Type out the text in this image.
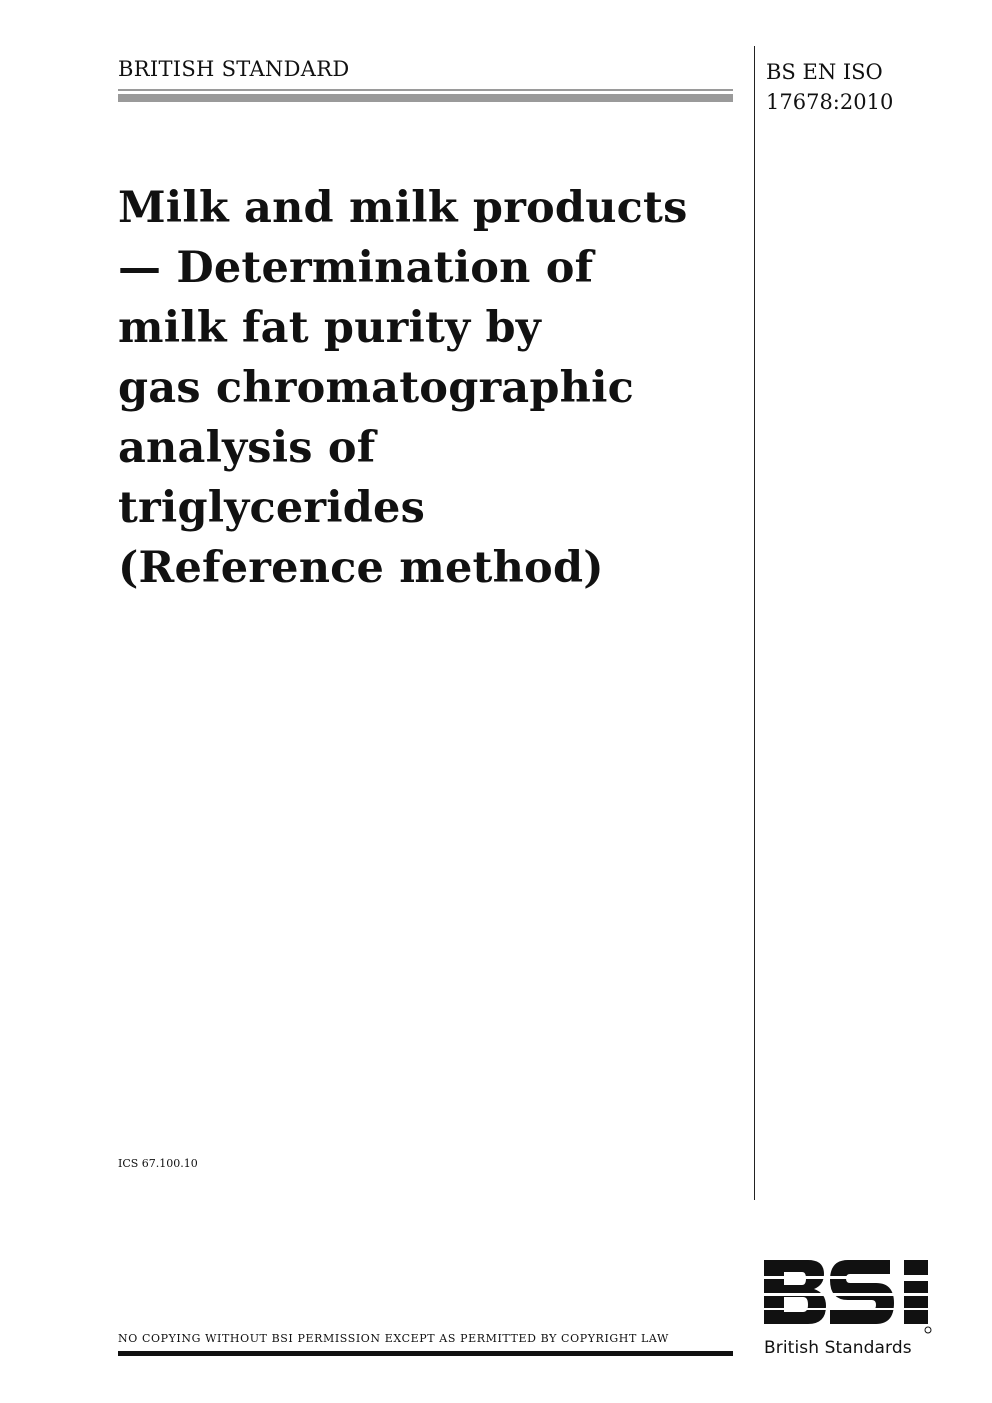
BRITISH STANDARD	BS EN ISO
17678:2010
Milk and milk products
— Determination of
milk fat purity by
gas chromatographic
analysis of
triglycerides
(Reference method)
ICS 67.100.10
NO COPYING WITHOUT BSI PERMISSION EXCEPT AS PERMITTED BY COPYRIGHT LAW	British Standards
